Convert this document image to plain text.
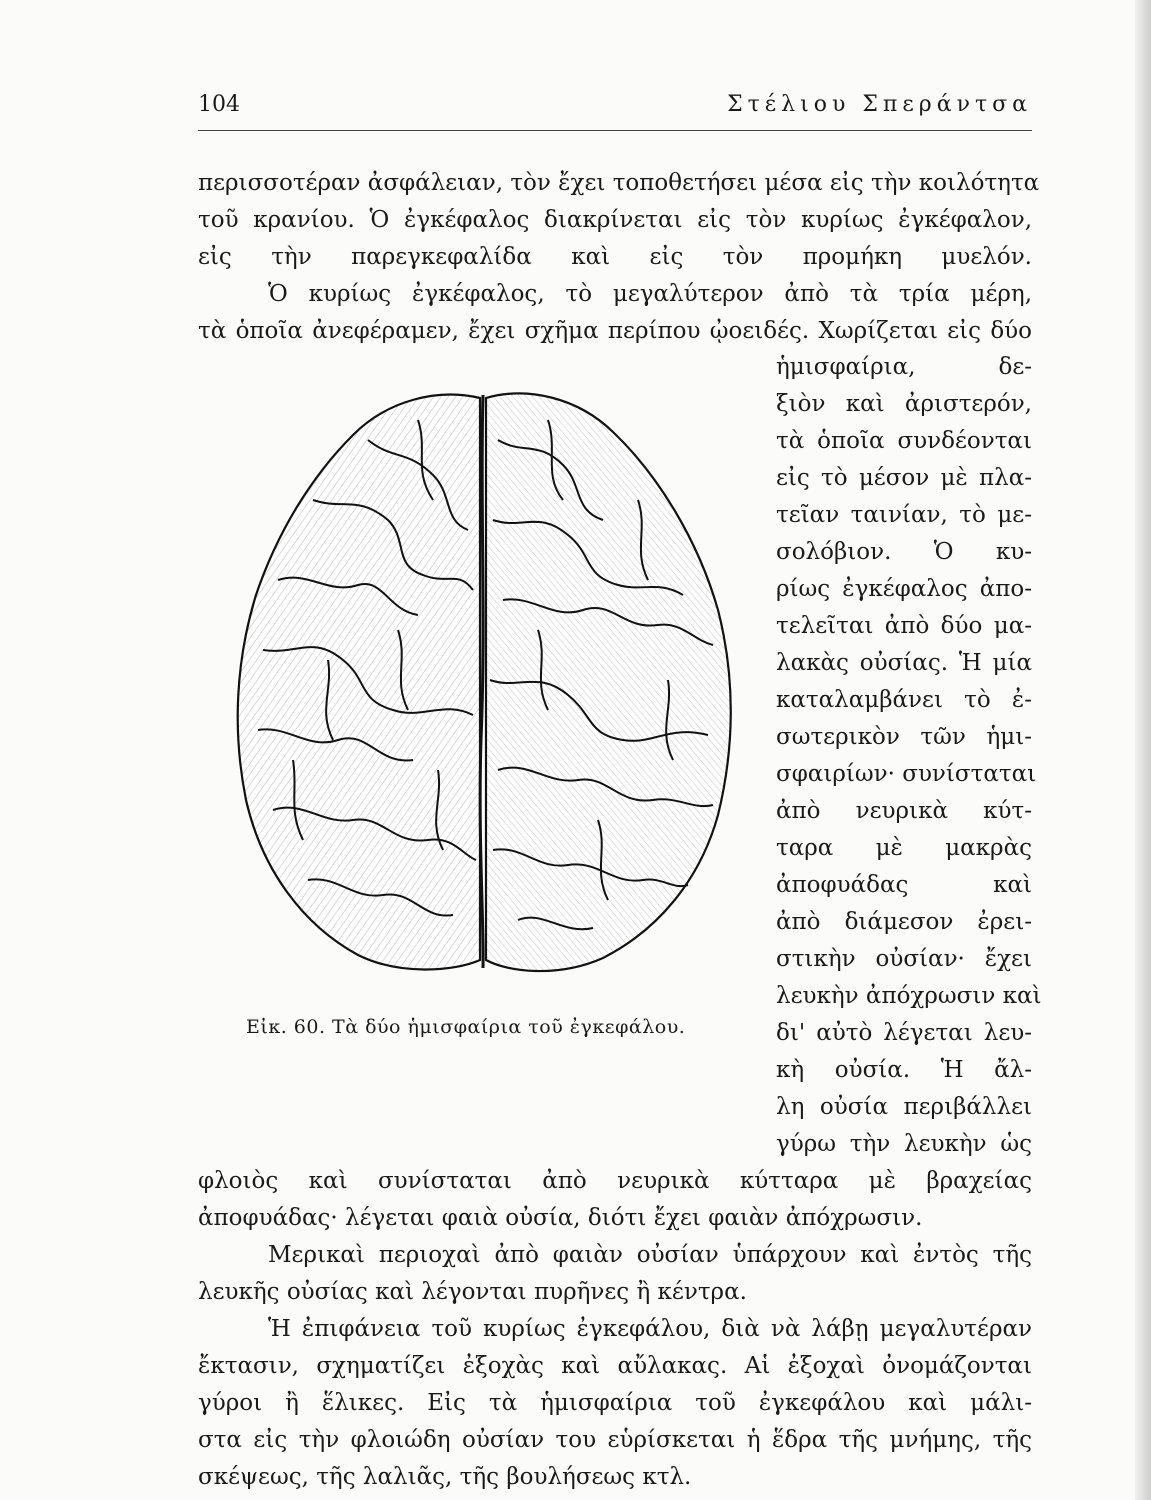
104	Στέλιου Σπεράντσα
περισσοτέραν ἀσφάλειαν, τὸν ἔχει τοποθετήσει μέσα εἰς τὴν κοιλότητα
τοῦ κρανίου. Ὁ ἐγκέφαλος διακρίνεται εἰς τὸν κυρίως ἐγκέφαλον,
εἰς τὴν παρεγκεφαλίδα καὶ εἰς τὸν προμήκη μυελόν.
Ὁ κυρίως ἐγκέφαλος, τὸ μεγαλύτερον ἀπὸ τὰ τρία μέρη,
τὰ ὁποῖα ἀνεφέραμεν, ἔχει σχῆμα περίπου ᾠοειδές. Χωρίζεται εἰς δύο
ἡμισφαίρια, δε-
ξιὸν καὶ ἀριστερόν,
τὰ ὁποῖα συνδέονται
εἰς τὸ μέσον μὲ πλα-
τεῖαν ταινίαν, τὸ με-
σολόβιον. Ὁ κυ-
ρίως ἐγκέφαλος ἀπο-
τελεῖται ἀπὸ δύο μα-
λακὰς οὐσίας. Ἡ μία
καταλαμβάνει τὸ ἐ-
σωτερικὸν τῶν ἡμι-
σφαιρίων· συνίσταται
ἀπὸ νευρικὰ κύτ-
ταρα μὲ μακρὰς
ἀποφυάδας καὶ
ἀπὸ διάμεσον ἐρει-
στικὴν οὐσίαν· ἔχει
λευκὴν ἀπόχρωσιν καὶ
δι' αὐτὸ λέγεται λευ-
κὴ οὐσία. Ἡ ἄλ-
λη οὐσία περιβάλλει
γύρω τὴν λευκὴν ὡς
φλοιὸς καὶ συνίσταται ἀπὸ νευρικὰ κύτταρα μὲ βραχείας
ἀποφυάδας· λέγεται φαιὰ οὐσία, διότι ἔχει φαιὰν ἀπόχρωσιν.
Μερικαὶ περιοχαὶ ἀπὸ φαιὰν οὐσίαν ὑπάρχουν καὶ ἐντὸς τῆς
λευκῆς οὐσίας καὶ λέγονται πυρῆνες ἢ κέντρα.
Ἡ ἐπιφάνεια τοῦ κυρίως ἐγκεφάλου, διὰ νὰ λάβῃ μεγαλυτέραν
ἔκτασιν, σχηματίζει ἐξοχὰς καὶ αὔλακας. Αἱ ἐξοχαὶ ὀνομάζονται
γύροι ἢ ἕλικες. Εἰς τὰ ἡμισφαίρια τοῦ ἐγκεφάλου καὶ μάλι-
στα εἰς τὴν φλοιώδη οὐσίαν του εὑρίσκεται ἡ ἕδρα τῆς μνήμης, τῆς
σκέψεως, τῆς λαλιᾶς, τῆς βουλήσεως κτλ.
Εἰκ. 60. Τὰ δύο ἡμισφαίρια τοῦ ἐγκεφάλου.
